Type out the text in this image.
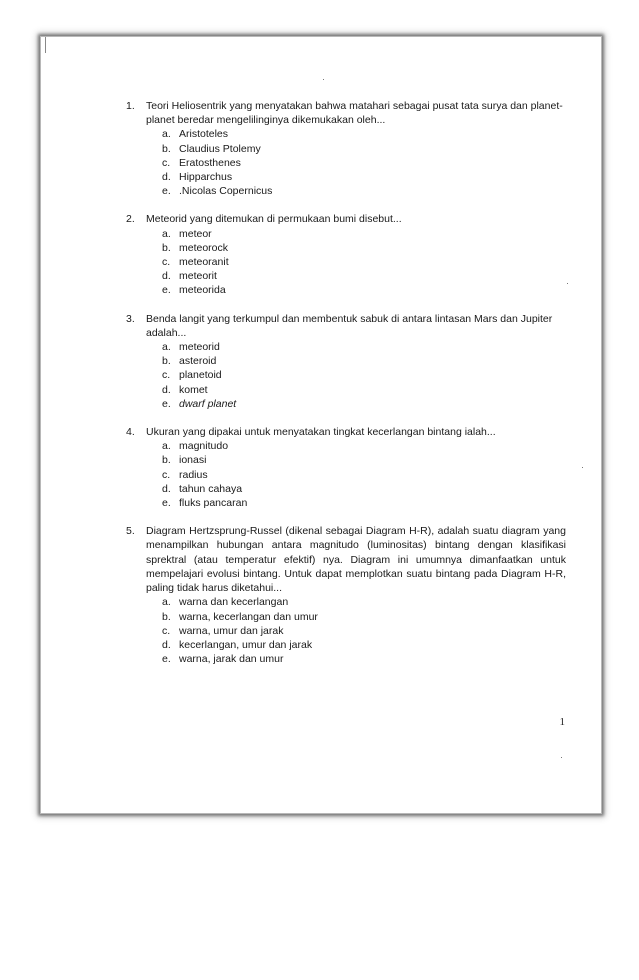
1. Teori Heliosentrik yang menyatakan bahwa matahari sebagai pusat tata surya dan planet-planet beredar mengelilinginya dikemukakan oleh...
a. Aristoteles
b. Claudius Ptolemy
c. Eratosthenes
d. Hipparchus
e. .Nicolas Copernicus
2. Meteorid yang ditemukan di permukaan bumi disebut...
a. meteor
b. meteorock
c. meteoranit
d. meteorit
e. meteorida
3. Benda langit yang terkumpul dan membentuk sabuk di antara lintasan Mars dan Jupiter adalah...
a. meteorid
b. asteroid
c. planetoid
d. komet
e. dwarf planet
4. Ukuran yang dipakai untuk menyatakan tingkat kecerlangan bintang ialah...
a. magnitudo
b. ionasi
c. radius
d. tahun cahaya
e. fluks pancaran
5. Diagram Hertzsprung-Russel (dikenal sebagai Diagram H-R), adalah suatu diagram yang menampilkan hubungan antara magnitudo (luminositas) bintang dengan klasifikasi sprektral (atau temperatur efektif) nya. Diagram ini umumnya dimanfaatkan untuk mempelajari evolusi bintang. Untuk dapat memplotkan suatu bintang pada Diagram H-R, paling tidak harus diketahui...
a. warna dan kecerlangan
b. warna, kecerlangan dan umur
c. warna, umur dan jarak
d. kecerlangan, umur dan jarak
e. warna, jarak dan umur
1
